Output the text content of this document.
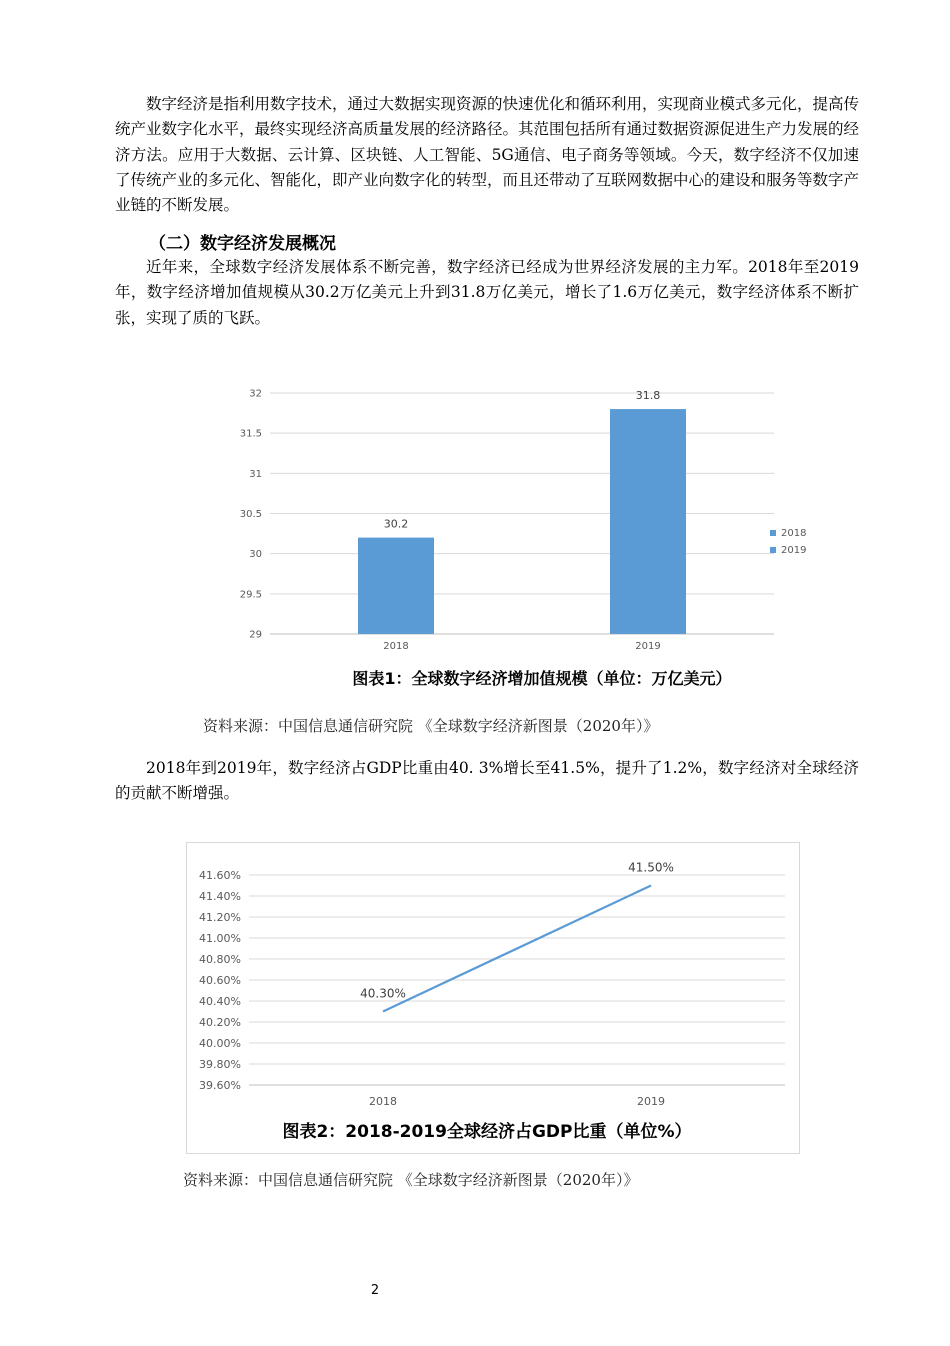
数字经济是指利用数字技术，通过大数据实现资源的快速优化和循环利用，实现商业模式多元化，提高传统产业数字化水平，最终实现经济高质量发展的经济路径。其范围包括所有通过数据资源促进生产力发展的经济方法。应用于大数据、云计算、区块链、人工智能、5G通信、电子商务等领域。今天，数字经济不仅加速了传统产业的多元化、智能化，即产业向数字化的转型，而且还带动了互联网数据中心的建设和服务等数字产业链的不断发展。

（二）数字经济发展概况

近年来，全球数字经济发展体系不断完善，数字经济已经成为世界经济发展的主力军。2018年至2019年，数字经济增加值规模从30.2万亿美元上升到31.8万亿美元，增长了1.6万亿美元，数字经济体系不断扩张，实现了质的飞跃。

29
29.5
30
30.5
31
31.5
32
30.2
31.8
2018	2019
2018
2019
图表1：全球数字经济增加值规模（单位：万亿美元）

资料来源：中国信息通信研究院 《全球数字经济新图景（2020年）》

2018年到2019年，数字经济占GDP比重由40. 3%增长至41.5%，提升了1.2%，数字经济对全球经济的贡献不断增强。

39.60%
39.80%
40.00%
40.20%
40.40%
40.60%
40.80%
41.00%
41.20%
41.40%
41.60%
40.30%
41.50%
2018	2019
图表2：2018-2019全球经济占GDP比重（单位%）

资料来源：中国信息通信研究院 《全球数字经济新图景（2020年）》

2
